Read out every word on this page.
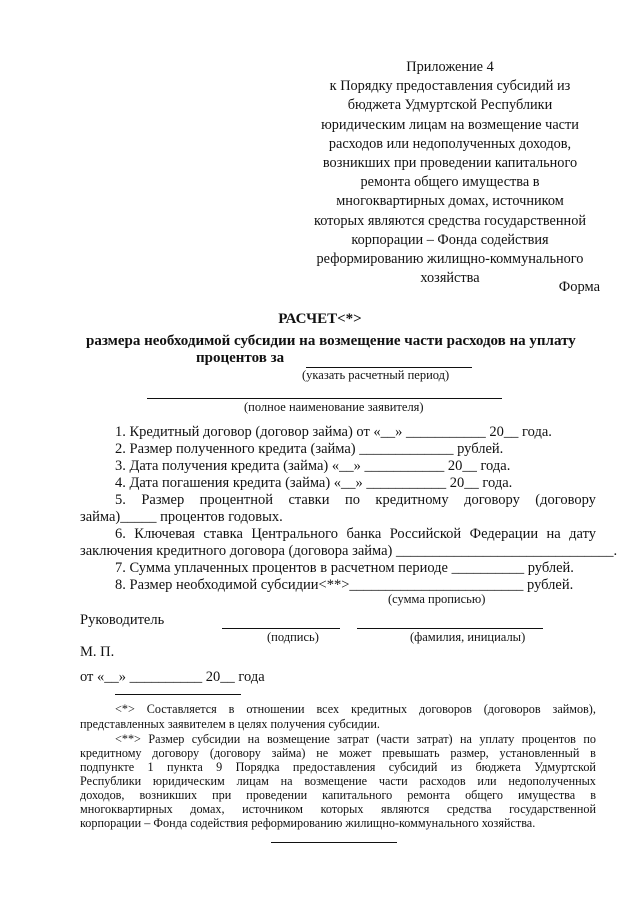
Приложение 4
к Порядку предоставления субсидий из
бюджета Удмуртской Республики
юридическим лицам на возмещение части
расходов или недополученных доходов,
возникших при проведении капитального
ремонта общего имущества в
многоквартирных домах, источником
которых являются средства государственной
корпорации – Фонда содействия
реформированию жилищно-коммунального
хозяйства
Форма
РАСЧЕТ<*>
размера необходимой субсидии на возмещение части расходов на уплату
процентов за
(указать расчетный период)
(полное наименование заявителя)
1. Кредитный договор (договор займа) от «__» ___________ 20__ года.
2. Размер полученного кредита (займа) _____________ рублей.
3. Дата получения кредита (займа) «__» ___________ 20__ года.
4. Дата погашения кредита (займа) «__» ___________ 20__ года.
5. Размер процентной ставки по кредитному договору (договору
займа)_____ процентов годовых.
6. Ключевая ставка Центрального банка Российской Федерации на дату
заключения кредитного договора (договора займа) ______________________________.
7. Сумма уплаченных процентов в расчетном периоде __________ рублей.
8. Размер необходимой субсидии<**>________________________ рублей.
(сумма прописью)
Руководитель
(подпись)	(фамилия, инициалы)
М. П.
от «__» __________ 20__ года
<*> Составляется в отношении всех кредитных договоров (договоров займов),
представленных заявителем в целях получения субсидии.
<**> Размер субсидии на возмещение затрат (части затрат) на уплату процентов по
кредитному договору (договору займа) не может превышать размер, установленный в
подпункте 1 пункта 9 Порядка предоставления субсидий из бюджета Удмуртской
Республики юридическим лицам на возмещение части расходов или недополученных
доходов, возникших при проведении капитального ремонта общего имущества в
многоквартирных домах, источником которых являются средства государственной
корпорации – Фонда содействия реформированию жилищно-коммунального хозяйства.
